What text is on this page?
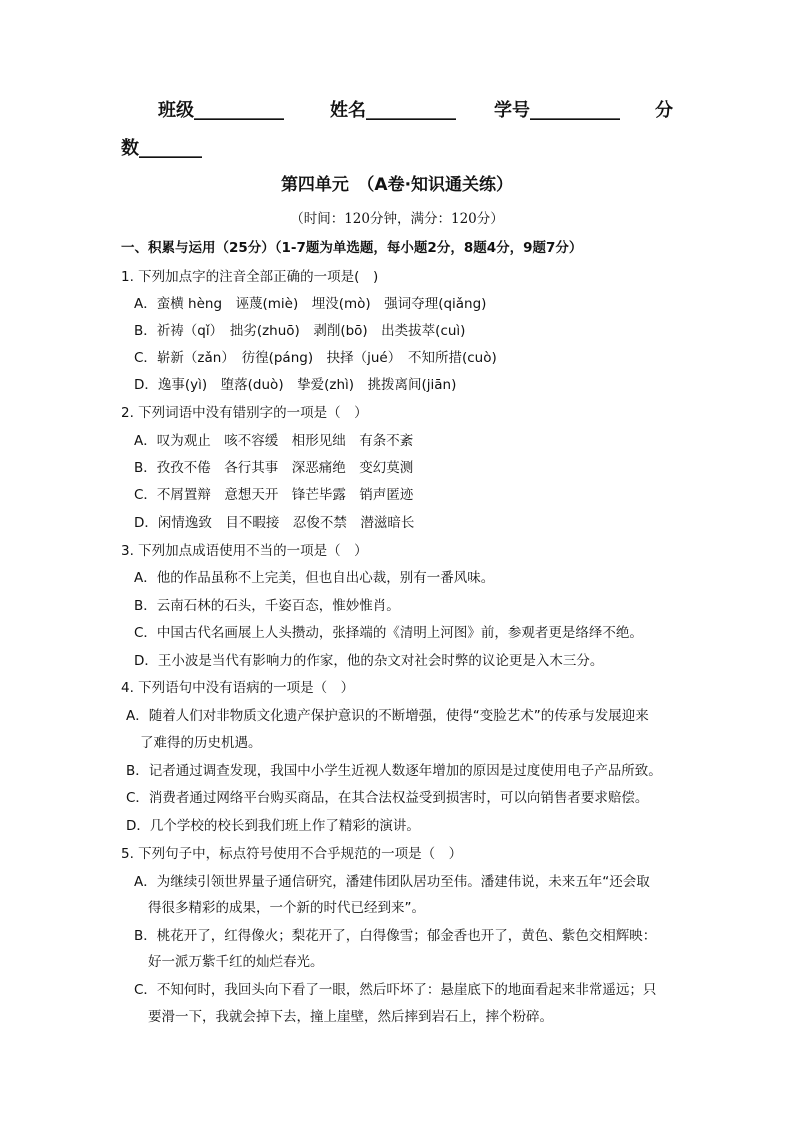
班级__________	姓名__________ 学号__________ 分
数_______
第四单元　（A卷·知识通关练）
（时间：120分钟，满分：120分）
一、积累与运用（25分）（1-7题为单选题，每小题2分，8题4分，9题7分）
1. 下列加点字的注音全部正确的一项是(　)
A．蛮横 hèng　诬蔑(miè)　埋没(mò)　强词夺理(qiǎng)
B．祈祷（qǐ）　拙劣(zhuō)　剥削(bō)　出类拔萃(cuì)
C．崭新（zǎn）　彷徨(páng)　抉择（jué）　不知所措(cuò)
D．逸事(yì)　堕落(duò)　挚爱(zhì)　挑拨离间(jiān)
2. 下列词语中没有错别字的一项是（　）
A．叹为观止　咳不容缓　相形见绌　有条不紊
B．孜孜不倦　各行其事　深恶痛绝　变幻莫测
C．不屑置辩　意想天开　锋芒毕露　销声匿迹
D．闲情逸致　目不暇接　忍俊不禁　潜滋暗长
3. 下列加点成语使用不当的一项是（　）
A．他的作品虽称不上完美，但也自出心裁，别有一番风味。
B．云南石林的石头，千姿百态，惟妙惟肖。
C．中国古代名画展上人头攒动，张择端的《清明上河图》前，参观者更是络绎不绝。
D．王小波是当代有影响力的作家，他的杂文对社会时弊的议论更是入木三分。
4. 下列语句中没有语病的一项是（　）
A．随着人们对非物质文化遗产保护意识的不断增强，使得“变脸艺术”的传承与发展迎来
了难得的历史机遇。
B．记者通过调查发现，我国中小学生近视人数逐年增加的原因是过度使用电子产品所致。
C．消费者通过网络平台购买商品，在其合法权益受到损害时，可以向销售者要求赔偿。
D．几个学校的校长到我们班上作了精彩的演讲。
5. 下列句子中，标点符号使用不合乎规范的一项是（　）
A．为继续引领世界量子通信研究，潘建伟团队居功至伟。潘建伟说，未来五年“还会取
得很多精彩的成果，一个新的时代已经到来”。
B．桃花开了，红得像火；梨花开了，白得像雪；郁金香也开了，黄色、紫色交相辉映：
好一派万紫千红的灿烂春光。
C．不知何时，我回头向下看了一眼，然后吓坏了：悬崖底下的地面看起来非常遥远；只
要滑一下，我就会掉下去，撞上崖壁，然后摔到岩石上，摔个粉碎。
